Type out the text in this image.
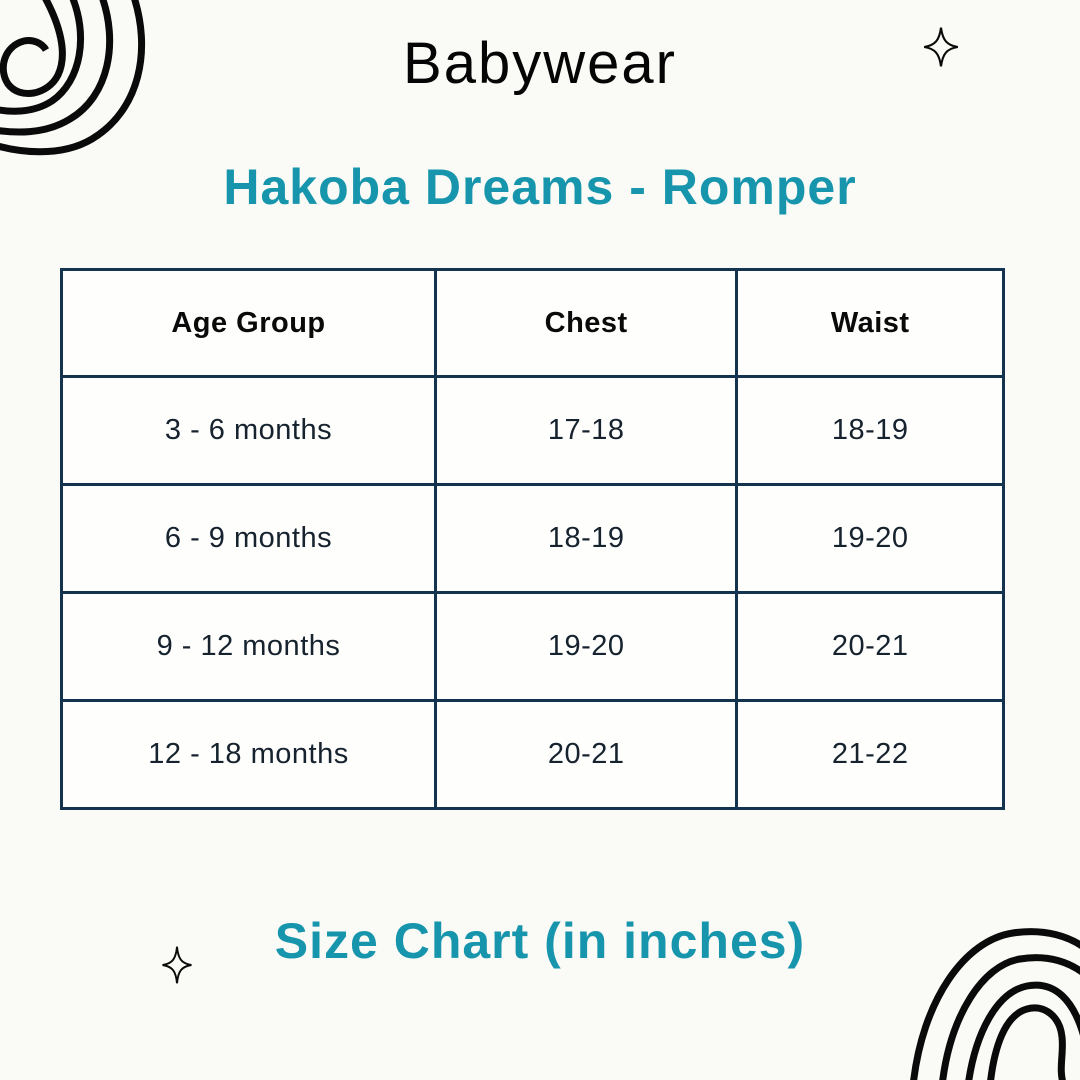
Babywear
Hakoba Dreams - Romper
Age Group	Chest	Waist
3 - 6 months	17-18	18-19
6 - 9 months	18-19	19-20
9 - 12 months	19-20	20-21
12 - 18 months	20-21	21-22
Size Chart (in inches)
